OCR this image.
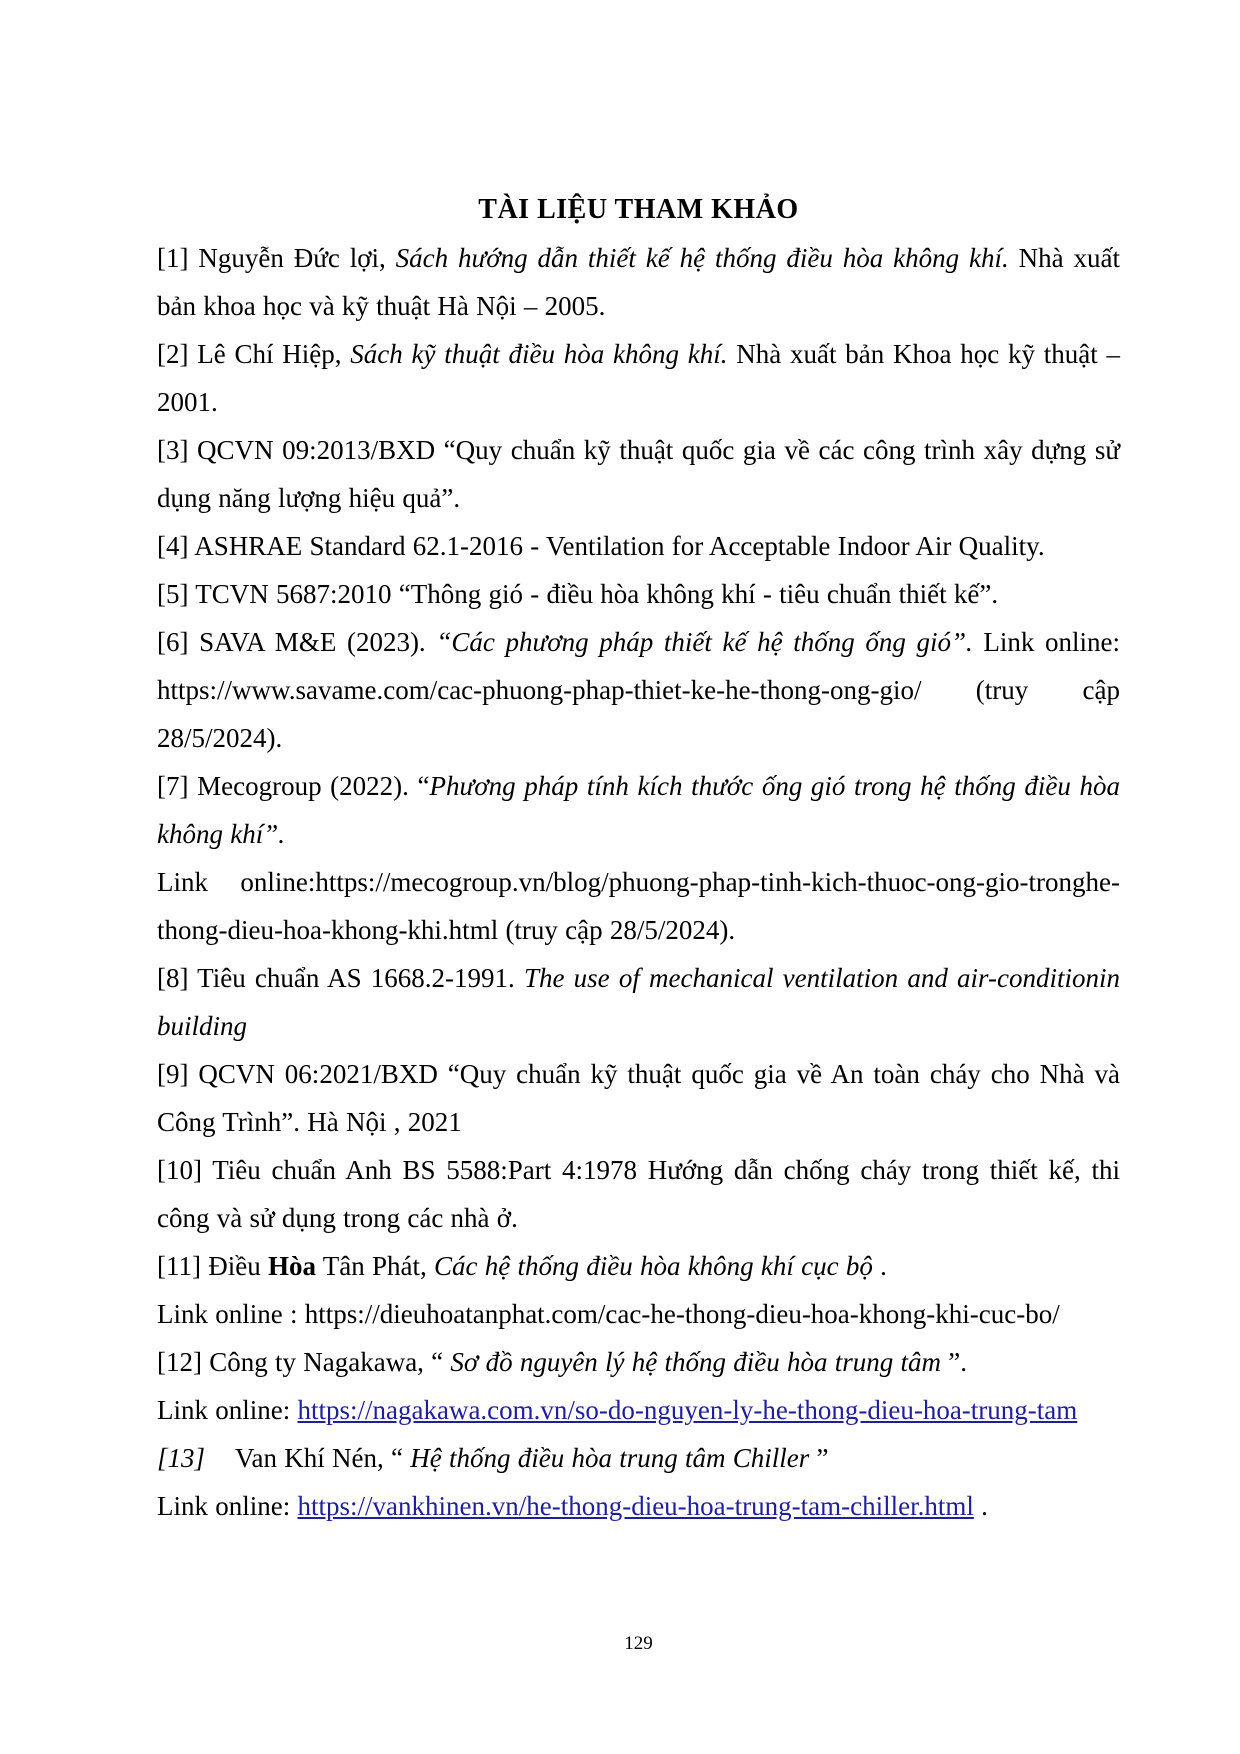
TÀI LIỆU THAM KHẢO

[1] Nguyễn Đức lợi, Sách hướng dẫn thiết kế hệ thống điều hòa không khí. Nhà xuất bản khoa học và kỹ thuật Hà Nội – 2005.

[2] Lê Chí Hiệp, Sách kỹ thuật điều hòa không khí. Nhà xuất bản Khoa học kỹ thuật – 2001.

[3] QCVN 09:2013/BXD “Quy chuẩn kỹ thuật quốc gia về các công trình xây dựng sử dụng năng lượng hiệu quả”.

[4] ASHRAE Standard 62.1-2016 - Ventilation for Acceptable Indoor Air Quality.

[5] TCVN 5687:2010 “Thông gió - điều hòa không khí - tiêu chuẩn thiết kế”.

[6] SAVA M&E (2023). “Các phương pháp thiết kế hệ thống ống gió”. Link online: https://www.savame.com/cac-phuong-phap-thiet-ke-he-thong-ong-gio/ (truy cập 28/5/2024).

[7] Mecogroup (2022). “Phương pháp tính kích thước ống gió trong hệ thống điều hòa không khí”.

Link online:https://mecogroup.vn/blog/phuong-phap-tinh-kich-thuoc-ong-gio-tronghe-thong-dieu-hoa-khong-khi.html (truy cập 28/5/2024).

[8] Tiêu chuẩn AS 1668.2-1991. The use of mechanical ventilation and air-conditionin building

[9] QCVN 06:2021/BXD “Quy chuẩn kỹ thuật quốc gia về An toàn cháy cho Nhà và Công Trình”. Hà Nội , 2021

[10] Tiêu chuẩn Anh BS 5588:Part 4:1978 Hướng dẫn chống cháy trong thiết kế, thi công và sử dụng trong các nhà ở.

[11] Điều Hòa Tân Phát, Các hệ thống điều hòa không khí cục bộ .

Link online : https://dieuhoatanphat.com/cac-he-thong-dieu-hoa-khong-khi-cuc-bo/

[12] Công ty Nagakawa, “ Sơ đồ nguyên lý hệ thống điều hòa trung tâm ”.

Link online: https://nagakawa.com.vn/so-do-nguyen-ly-he-thong-dieu-hoa-trung-tam

[13] Van Khí Nén, “ Hệ thống điều hòa trung tâm Chiller ”

Link online: https://vankhinen.vn/he-thong-dieu-hoa-trung-tam-chiller.html .

129
